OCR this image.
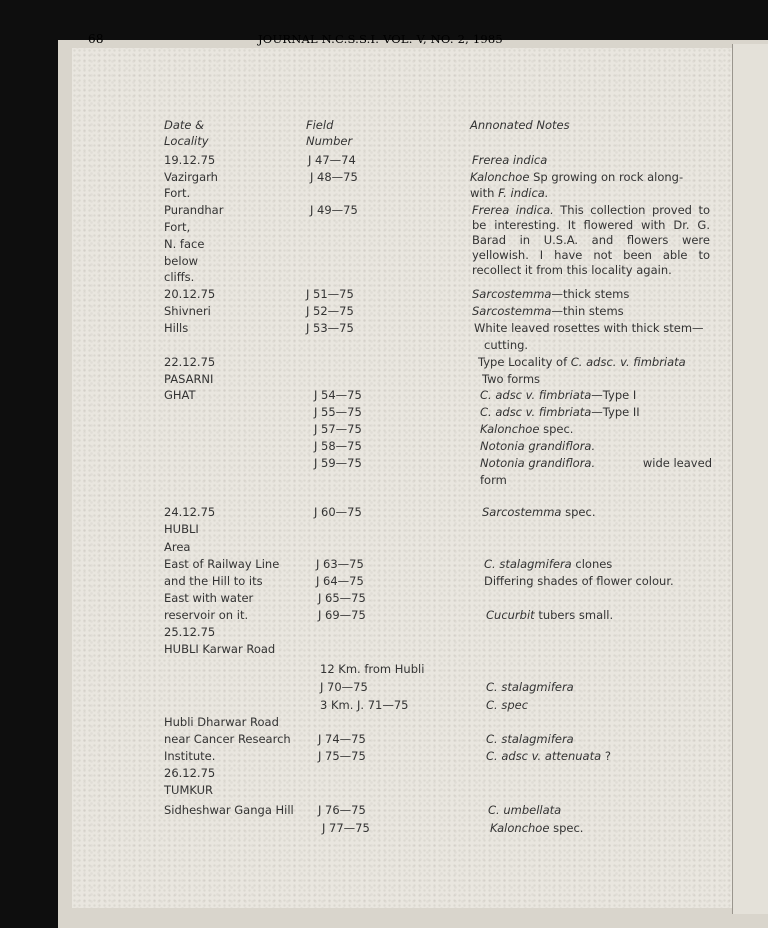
68	JOURNAL N.C.S.S.I. VOL. V, NO. 2, 1985
Date &
Locality
Field
Number
Annonated Notes
19.12.75
Vazirgarh
Fort.
Purandhar
Fort,
N. face
below
cliffs.
20.12.75
Shivneri
Hills
22.12.75
PASARNI
GHAT
24.12.75
HUBLI
Area
East of Railway Line
and the Hill to its
East with water
reservoir on it.
25.12.75
HUBLI Karwar Road
Hubli Dharwar Road
near Cancer Research
Institute.
26.12.75
TUMKUR
Sidheshwar Ganga Hill
J 47—74
J 48—75
J 49—75
J 51—75
J 52—75
J 53—75
J 54—75
J 55—75
J 57—75
J 58—75
J 59—75
J 60—75
J 63—75
J 64—75
J 65—75
J 69—75
12 Km. from Hubli
J 70—75
3 Km. J. 71—75
J 74—75
J 75—75
J 76—75
J 77—75
Frerea indica
Kalonchoe Sp growing on rock along-
with F. indica.
Frerea indica. This collection proved to be interesting. It flowered with Dr. G. Barad in U.S.A. and flowers were yellowish. I have not been able to recollect it from this locality again.
Sarcostemma—thick stems
Sarcostemma—thin stems
White leaved rosettes with thick stem—
cutting.
Type Locality of C. adsc. v. fimbriata
Two forms
C. adsc v. fimbriata—Type I
C. adsc v. fimbriata—Type II
Kalonchoe spec.
Notonia grandiflora.
Notonia grandiflora.	wide leaved
form
Sarcostemma spec.
C. stalagmifera clones
Differing shades of flower colour.
Cucurbit tubers small.
C. stalagmifera
C. spec
C. stalagmifera
C. adsc v. attenuata ?
C. umbellata
Kalonchoe spec.
